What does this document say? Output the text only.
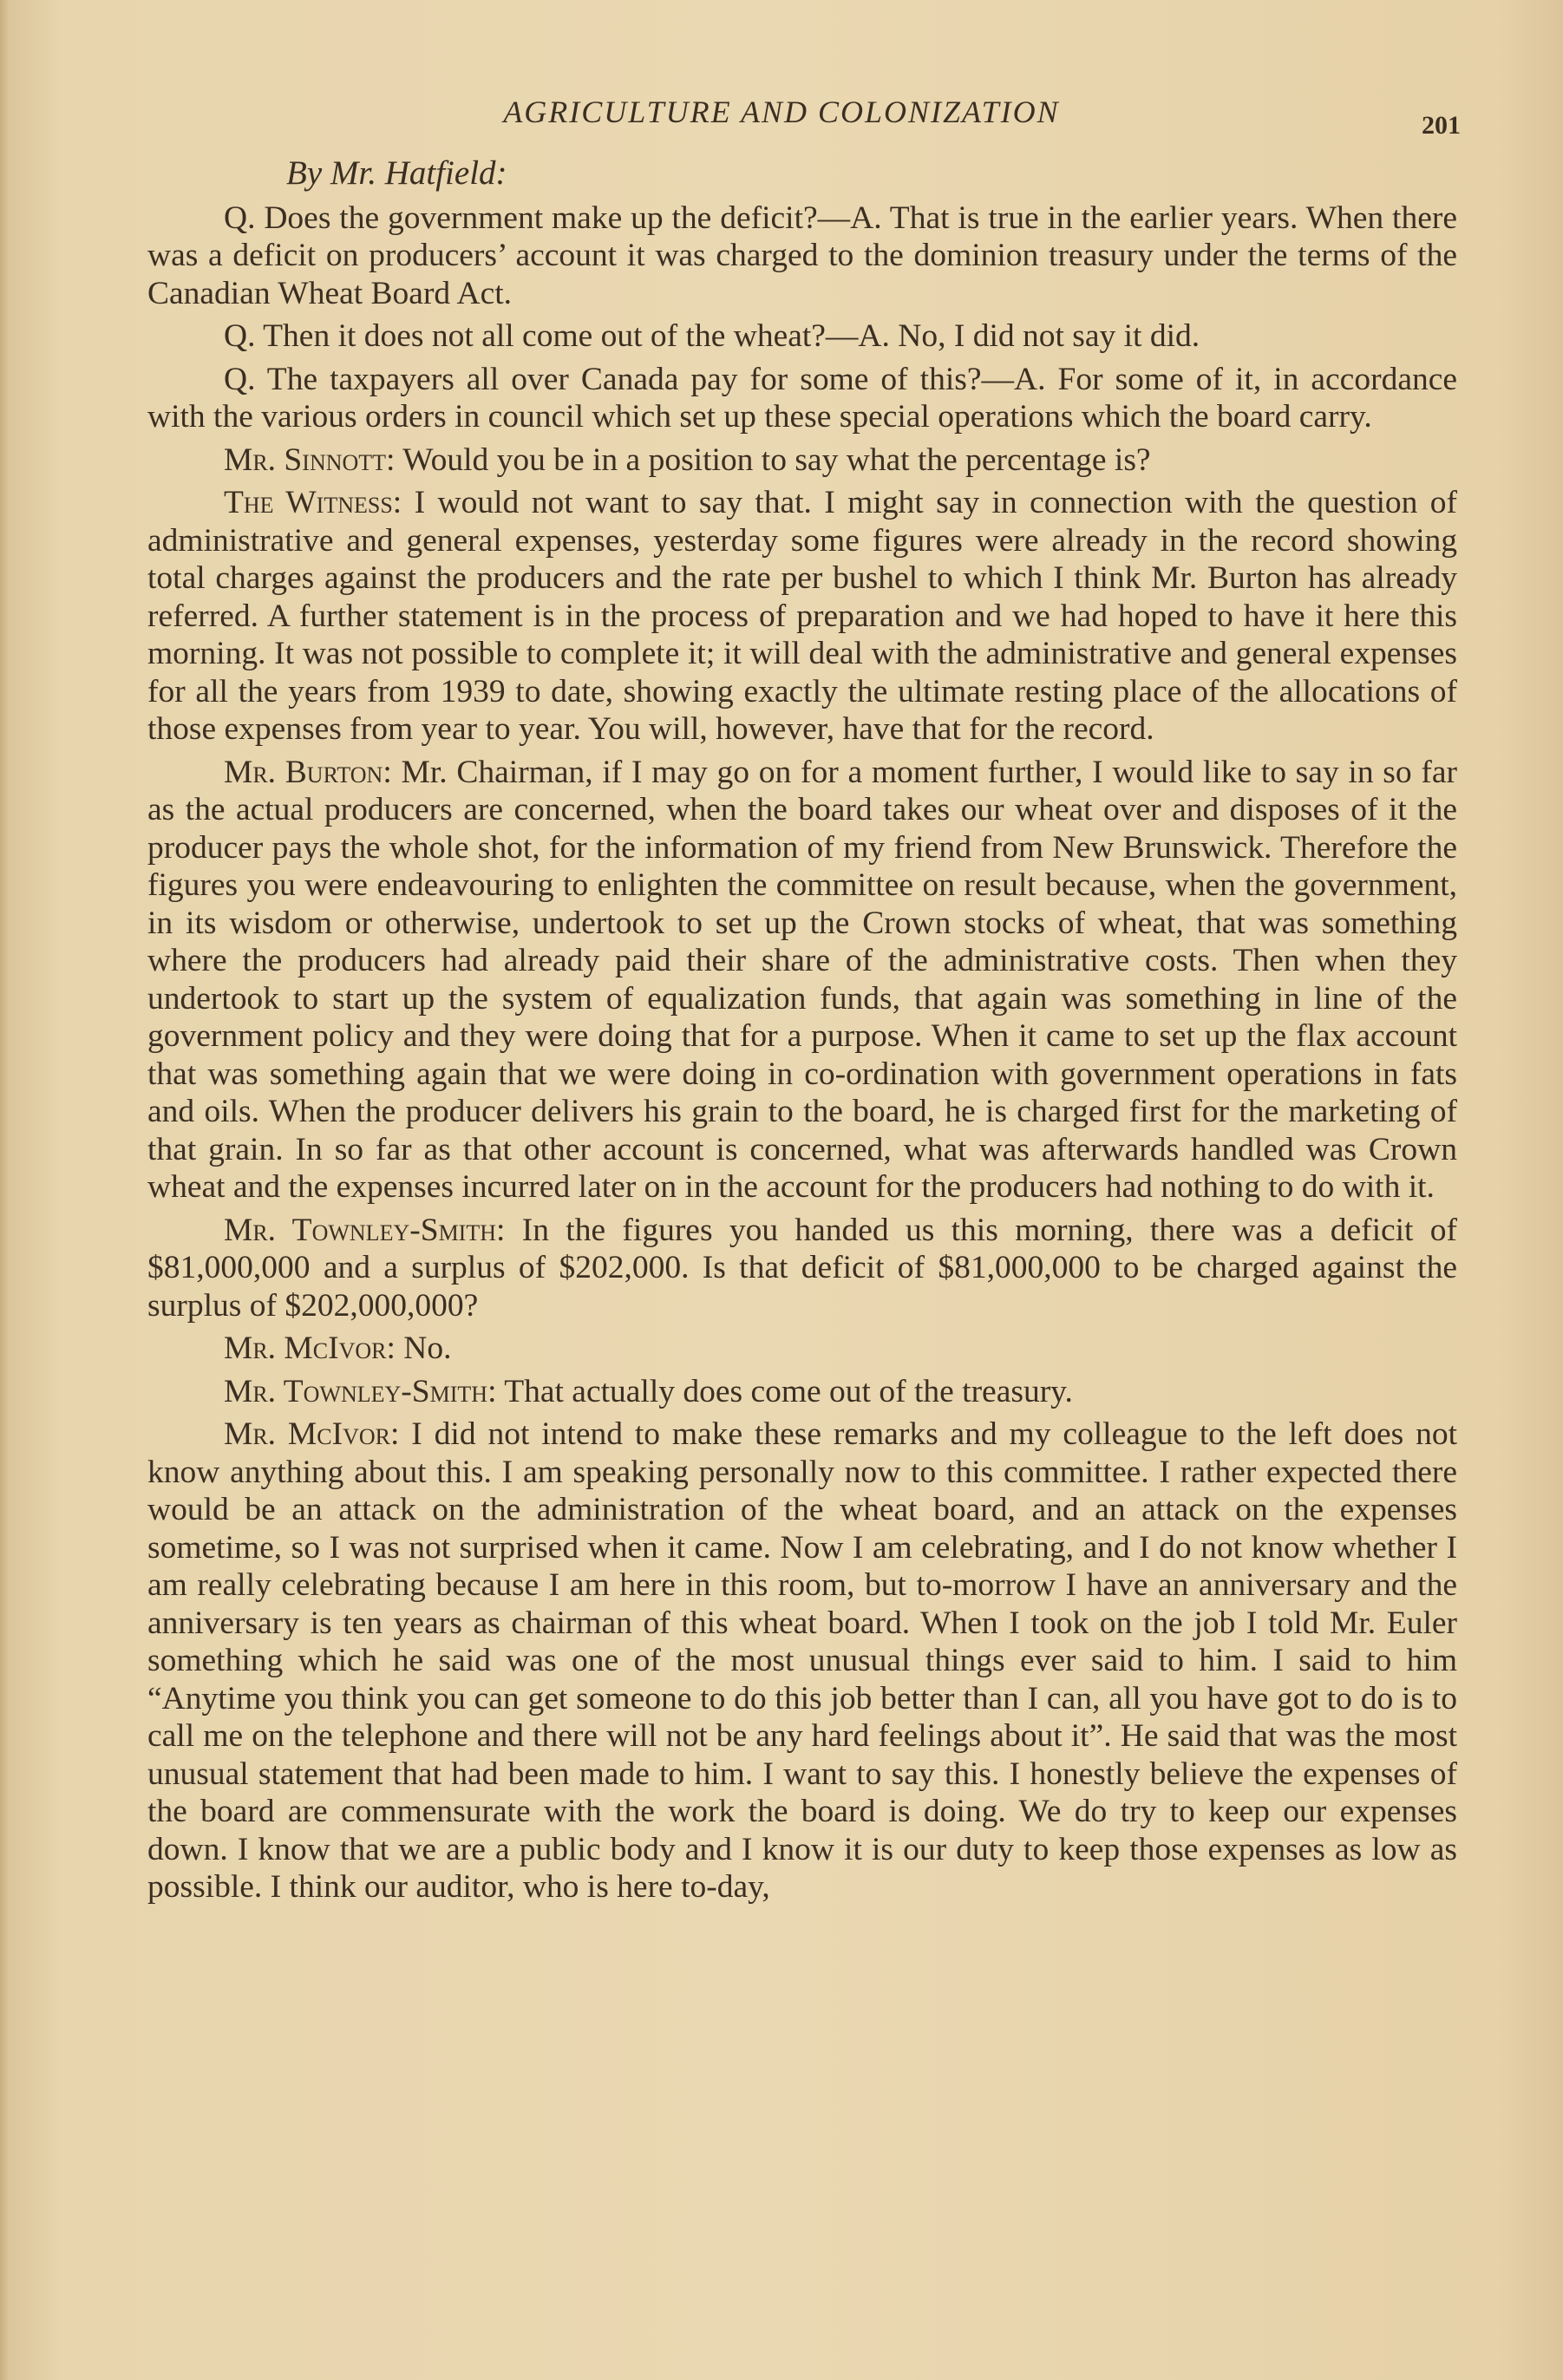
AGRICULTURE AND COLONIZATION	201
By Mr. Hatfield:

Q. Does the government make up the deficit?—A. That is true in the earlier years. When there was a deficit on producers’ account it was charged to the dominion treasury under the terms of the Canadian Wheat Board Act.

Q. Then it does not all come out of the wheat?—A. No, I did not say it did.

Q. The taxpayers all over Canada pay for some of this?—A. For some of it, in accordance with the various orders in council which set up these special operations which the board carry.

Mr. Sinnott: Would you be in a position to say what the percentage is?

The Witness: I would not want to say that. I might say in connection with the question of administrative and general expenses, yesterday some figures were already in the record showing total charges against the producers and the rate per bushel to which I think Mr. Burton has already referred. A further statement is in the process of preparation and we had hoped to have it here this morning. It was not possible to complete it; it will deal with the administrative and general expenses for all the years from 1939 to date, showing exactly the ultimate resting place of the allocations of those expenses from year to year. You will, however, have that for the record.

Mr. Burton: Mr. Chairman, if I may go on for a moment further, I would like to say in so far as the actual producers are concerned, when the board takes our wheat over and disposes of it the producer pays the whole shot, for the information of my friend from New Brunswick. Therefore the figures you were endeavouring to enlighten the committee on result because, when the government, in its wisdom or otherwise, undertook to set up the Crown stocks of wheat, that was something where the producers had already paid their share of the administrative costs. Then when they undertook to start up the system of equalization funds, that again was something in line of the government policy and they were doing that for a purpose. When it came to set up the flax account that was something again that we were doing in co-ordination with government operations in fats and oils. When the producer delivers his grain to the board, he is charged first for the marketing of that grain. In so far as that other account is concerned, what was afterwards handled was Crown wheat and the expenses incurred later on in the account for the producers had nothing to do with it.

Mr. Townley-Smith: In the figures you handed us this morning, there was a deficit of $81,000,000 and a surplus of $202,000. Is that deficit of $81,000,000 to be charged against the surplus of $202,000,000?

Mr. McIvor: No.

Mr. Townley-Smith: That actually does come out of the treasury.

Mr. McIvor: I did not intend to make these remarks and my colleague to the left does not know anything about this. I am speaking personally now to this committee. I rather expected there would be an attack on the administration of the wheat board, and an attack on the expenses sometime, so I was not surprised when it came. Now I am celebrating, and I do not know whether I am really celebrating because I am here in this room, but to-morrow I have an anniversary and the anniversary is ten years as chairman of this wheat board. When I took on the job I told Mr. Euler something which he said was one of the most unusual things ever said to him. I said to him “Anytime you think you can get someone to do this job better than I can, all you have got to do is to call me on the telephone and there will not be any hard feelings about it”. He said that was the most unusual statement that had been made to him. I want to say this. I honestly believe the expenses of the board are commensurate with the work the board is doing. We do try to keep our expenses down. I know that we are a public body and I know it is our duty to keep those expenses as low as possible. I think our auditor, who is here to-day,
